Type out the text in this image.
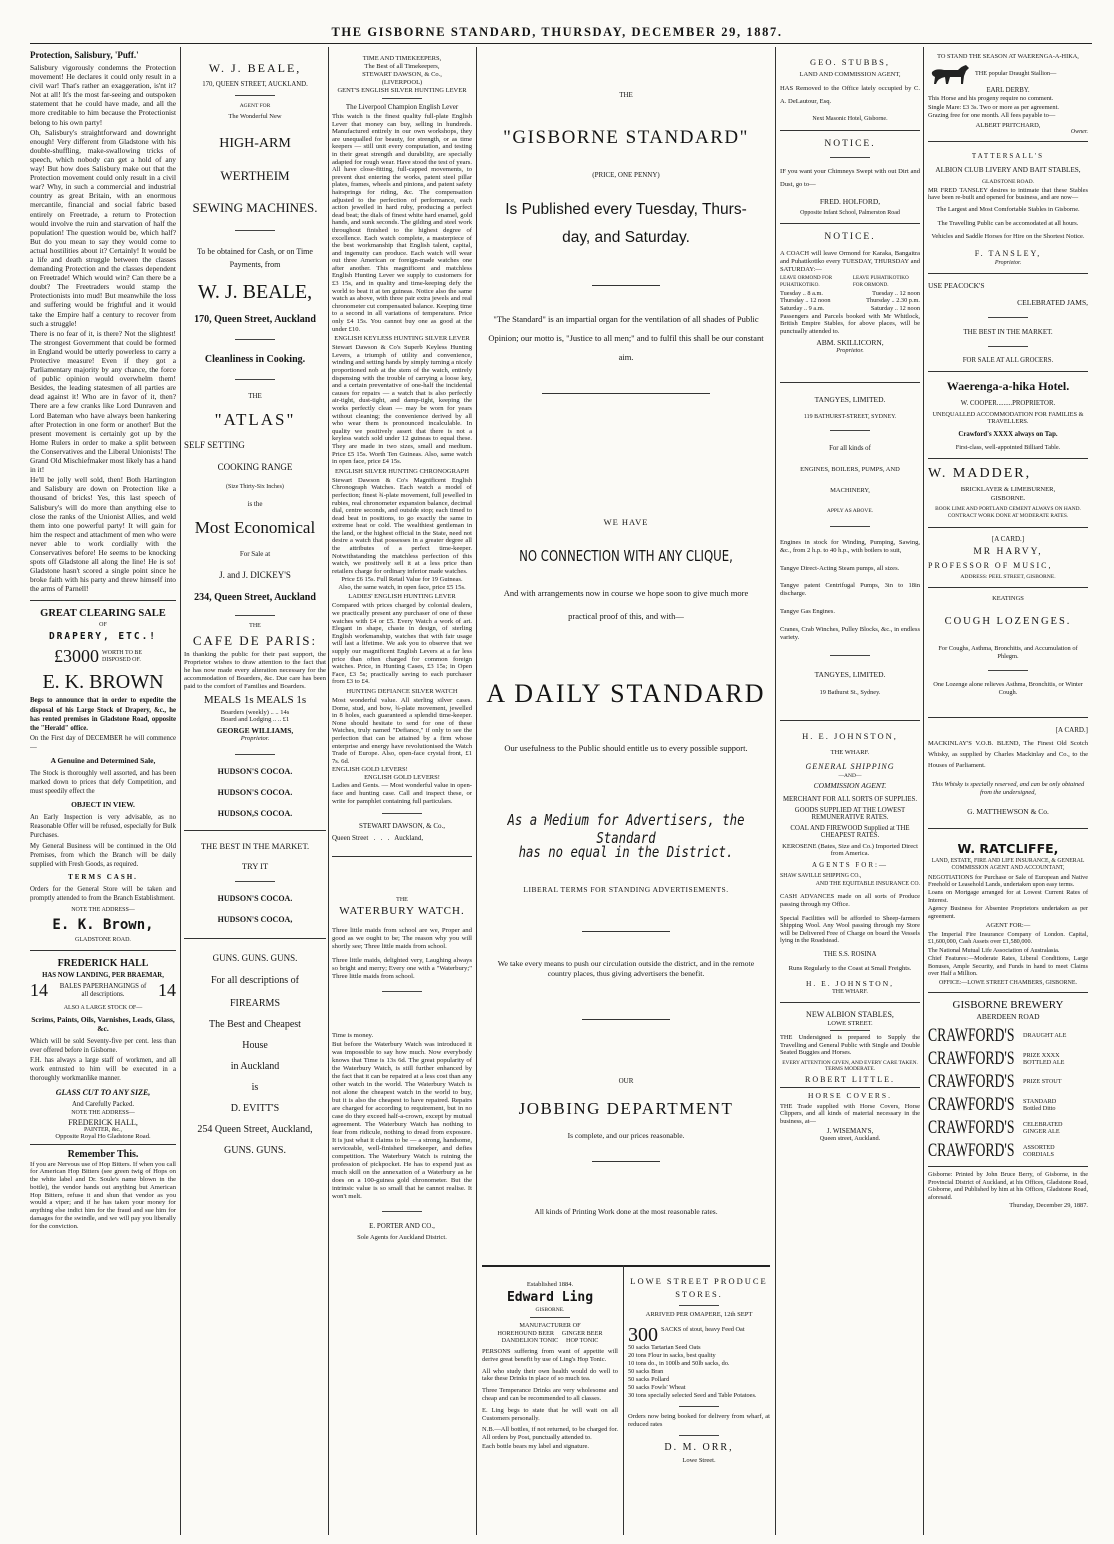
THE GISBORNE STANDARD, THURSDAY, DECEMBER 29, 1887.
Protection, Salisbury, 'Puff.'
Salisbury vigorously condemns the Protection movement! He declares it could only result in a civil war! That's rather an exaggeration, is'nt it? Not at all! It's the most far-seeing and outspoken statement that he could have made, and all the more creditable to him because the Protectionist belong to his own party!
Oh, Salisbury's straightforward and downright enough! Very different from Gladstone with his double-shuffling, make-swallowing tricks of speech, which nobody can get a hold of any way! But how does Salisbury make out that the Protection movement could only result in a civil war? Why, in such a commercial and industrial country as great Britain, with an enormous mercantile, financial and social fabric based entirely on Freetrade, a return to Protection would involve the ruin and starvation of half the population! The question would be, which half? But do you mean to say they would come to actual hostilities about it? Certainly! It would be a life and death struggle between the classes demanding Protection and the classes dependent on Freetrade! Which would win? Can there be a doubt? The Freetraders would stamp the Protectionists into mud! But meanwhile the loss and suffering would be frightful and it would take the Empire half a century to recover from such a struggle!
There is no fear of it, is there? Not the slightest! The strongest Government that could be formed in England would be utterly powerless to carry a Protective measure! Even if they got a Parliamentary majority by any chance, the force of public opinion would overwhelm them! Besides, the leading statesmen of all parties are dead against it! Who are in favor of it, then? There are a few cranks like Lord Dunraven and Lord Bateman who have always been hankering after Protection in one form or another! But the present movement is certainly got up by the Home Rulers in order to make a split between the Conservatives and the Liberal Unionists! The Grand Old Mischiefmaker most likely has a hand in it!
He'll be jolly well sold, then! Both Hartington and Salisbury are down on Protection like a thousand of bricks! Yes, this last speech of Salisbury's will do more than anything else to close the ranks of the Unionist Allies, and weld them into one powerful party! It will gain for him the respect and attachment of men who were never able to work cordially with the Conservatives before! He seems to be knocking spots off Gladstone all along the line! He is so! Gladstone hasn't scored a single point since he broke faith with his party and threw himself into the arms of Parnell!
GREAT CLEARING SALE
OF
DRAPERY, ETC.!
£3000 WORTH TO BE DISPOSED OF.
E. K. BROWN
Begs to announce that in order to expedite the disposal of his Large Stock of Drapery, &c., he has rented premises in Gladstone Road, opposite the "Herald" office.
On the First day of DECEMBER he will commence—
A Genuine and Determined Sale,
The Stock is thoroughly well assorted, and has been marked down to prices that defy Competition, and must speedily effect the
OBJECT IN VIEW.
An Early Inspection is very advisable, as no Reasonable Offer will be refused, especially for Bulk Purchases.
My General Business will be continued in the Old Premises, from which the Branch will be daily supplied with Fresh Goods, as required.
TERMS CASH.
Orders for the General Store will be taken and promptly attended to from the Branch Establishment.
NOTE THE ADDRESS—
E. K. Brown,
GLADSTONE ROAD.
FREDERICK HALL
HAS NOW LANDING, PER BRAEMAR,
14	BALES PAPERHANGINGS of all descriptions.	14
ALSO A LARGE STOCK OF—
Scrims, Paints, Oils, Varnishes, Leads, Glass, &c.
Which will be sold Seventy-five per cent. less than ever offered before in Gisborne.
F.H. has always a large staff of workmen, and all work entrusted to him will be executed in a thoroughly workmanlike manner.
GLASS CUT TO ANY SIZE,
And Carefully Packed.
NOTE THE ADDRESS—
FREDERICK HALL,
PAINTER, &c.,
Opposite Royal Ho Gladstone Road.
Remember This.
If you are Nervous use of Hop Bitters. If when you call for American Hop Bitters (see green twig of Hops on the white label and Dr. Soule's name blown in the bottle), the vendor hands out anything but American Hop Bitters, refuse it and shun that vendor as you would a viper; and if he has taken your money for anything else indict him for the fraud and sue him for damages for the swindle, and we will pay you liberally for the conviction.
W. J. BEALE,
170, QUEEN STREET, AUCKLAND.
AGENT FOR
The Wonderful New
HIGH-ARM
WERTHEIM
SEWING MACHINES.
To be obtained for Cash, or on Time Payments, from
W. J. BEALE,
170, Queen Street, Auckland
Cleanliness in Cooking.
THE
"ATLAS"
SELF SETTING
COOKING RANGE
(Size Thirty-Six Inches)
is the
Most Economical
For Sale at
J. and J. DICKEY'S
234, Queen Street, Auckland
THE
CAFE DE PARIS:
In thanking the public for their past support, the Proprietor wishes to draw attention to the fact that he has now made every alteration necessary for the accommodation of Boarders, &c. Due care has been paid to the comfort of Families and Boarders.
MEALS 1s MEALS 1s
Boarders (weekly) .. .. 14s
Board and Lodging .. .. £1
GEORGE WILLIAMS,
Proprietor.
HUDSON'S COCOA.
HUDSON'S COCOA.
HUDSON,S COCOA.
THE BEST IN THE MARKET.
TRY IT
HUDSON'S COCOA.
HUDSON'S COCOA,
GUNS. GUNS. GUNS.
For all descriptions of
FIREARMS
The Best and Cheapest
House
in Auckland
is
D. EVITT'S
254 Queen Street, Auckland,
GUNS. GUNS.
TIME AND TIMEKEEPERS,
The Best of all Timekeepers,
STEWART DAWSON, & Co.,
(LIVERPOOL)
GENT'S ENGLISH SILVER HUNTING LEVER
The Liverpool Champion English Lever
This watch is the finest quality full-plate English Lever that money can buy, selling in hundreds. Manufactured entirely in our own workshops, they are unequalled for beauty, for strength, or as time keepers — still unit every computation, and testing in their great strength and durability, are specially adapted for rough wear. Have stood the test of years. All have close-fitting, full-capped movements, to prevent dust entering the works, patent steel pillar plates, frames, wheels and pinions, and patent safety hairsprings for riding, &c. The compensation adjusted to the perfection of performance, each action jewelled in hard ruby, producing a perfect dead beat; the dials of finest white hard enamel, gold hands, and sunk seconds. The gilding and steel work throughout finished to the highest degree of excellence. Each watch complete, a masterpiece of the best workmanship that English talent, capital, and ingenuity can produce. Each watch will wear out three American or foreign-made watches one after another. This magnificent and matchless English Hunting Lever we supply to customers for £3 15s, and in quality and time-keeping defy the world to beat it at ten guineas. Notice also the same watch as above, with three pair extra jewels and real chronometer cut compensated balance. Keeping time to a second in all variations of temperature. Price only £4 15s. You cannot buy one as good at the under £10.
ENGLISH KEYLESS HUNTING SILVER LEVER
Stewart Dawson & Co's Superb Keyless Hunting Levers, a triumph of utility and convenience, winding and setting hands by simply turning a nicely proportioned nob at the stem of the watch, entirely dispensing with the trouble of carrying a loose key, and a certain preventative of one-half the incidental causes for repairs — a watch that is also perfectly air-tight, dust-tight, and damp-tight, keeping the works perfectly clean — may be worn for years without cleaning; the convenience derived by all who wear them is pronounced incalculable. In quality we positively assert that there is not a keyless watch sold under 12 guineas to equal these. They are made in two sizes, small and medium. Price £5 15s. Worth Ten Guineas. Also, same watch in open face, price £4 15s.
ENGLISH SILVER HUNTING CHRONOGRAPH
Stewart Dawson & Co's Magnificent English Chronograph Watches. Each watch a model of perfection; finest ¾-plate movement, full jewelled in rubies, real chronometer expansion balance, decimal dial, centre seconds, and outside stop; each timed to dead beat in positions, to go exactly the same in extreme heat or cold. The wealthiest gentleman in the land, or the highest official in the State, need not desire a watch that possesses in a greater degree all the attributes of a perfect time-keeper. Notwithstanding the matchless perfection of this watch, we positively sell it at a less price than retailers charge for ordinary inferior made watches.
Price £6 15s. Full Retail Value for 19 Guineas.
Also, the same watch, in open face, price £5 15s.
LADIES' ENGLISH HUNTING LEVER
Compared with prices charged by colonial dealers, we practically present any purchaser of one of these watches with £4 or £5. Every Watch a work of art. Elegant in shape, chaste in design, of sterling English workmanship, watches that with fair usage will last a lifetime. We ask you to observe that we supply our magnificent English Levers at a far less price than often charged for common foreign watches. Price, in Hunting Cases, £3 15s; in Open Face, £3 5s; practically saving to each purchaser from £3 to £4.
HUNTING DEFIANCE SILVER WATCH
Most wonderful value. All sterling silver cases. Dome, stud, and bow, ¾-plate movement, jewelled in 8 holes, each guaranteed a splendid time-keeper. None should hesitate to send for one of these Watches, truly named "Defiance," if only to see the perfection that can be attained by a firm whose enterprise and energy have revolutionised the Watch Trade of Europe. Also, open-face crystal front, £1 7s. 6d.
ENGLISH GOLD LEVERS!
ENGLISH GOLD LEVERS!
Ladies and Gents. — Most wonderful value in open-face and hunting case. Call and inspect these, or write for pamphlet containing full particulars.
STEWART DAWSON, & Co.,
Queen Street   .   .   .   Auckland,
THE
WATERBURY WATCH.
Three little maids from school are we, Proper and good as we ought to be; The reason why you will shortly see; Three little maids from school.
Three little maids, delighted very, Laughing always so bright and merry; Every one with a "Waterbury;" Three little maids from school.
Time is money.
But before the Waterbury Watch was introduced it was impossible to say how much. Now everybody knows that Time is 13s 6d. The great popularity of the Waterbury Watch, is still further enhanced by the fact that it can be repaired at a less cost than any other watch in the world. The Waterbury Watch is not alone the cheapest watch in the world to buy, but it is also the cheapest to have repaired. Repairs are charged for according to requirement, but in no case do they exceed half-a-crown, except by mutual agreement. The Waterbury Watch has nothing to fear from ridicule, nothing to dread from exposure. It is just what it claims to be — a strong, handsome, serviceable, well-finished timekeeper, and defies competition. The Waterbury Watch is ruining the profession of pickpocket. He has to expend just as much skill on the annexation of a Waterbury as he does on a 100-guinea gold chronometer. But the intrinsic value is so small that he cannot realise. It won't melt.
E. PORTER AND CO.,
Sole Agents for Auckland District.
THE
"GISBORNE STANDARD"
(PRICE, ONE PENNY)
Is Published every Tuesday, Thurs-
day, and Saturday.
"The Standard" is an impartial organ for the ventilation of all shades of Public Opinion; our motto is, "Justice to all men;" and to fulfil this shall be our constant aim.
WE HAVE
NO CONNECTION WITH ANY CLIQUE,
And with arrangements now in course we hope soon to give much more practical proof of this, and with—
A DAILY STANDARD
Our usefulness to the Public should entitle us to every possible support.
As a Medium for Advertisers, the Standard
has no equal in the District.
LIBERAL TERMS FOR STANDING ADVERTISEMENTS.
We take every means to push our circulation outside the district, and in the remote country places, thus giving advertisers the benefit.
OUR
JOBBING DEPARTMENT
Is complete, and our prices reasonable.
All kinds of Printing Work done at the most reasonable rates.
Established 1884.
Edward Ling
GISBORNE.
MANUFACTURER OF
HOREHOUND BEER     GINGER BEER
DANDELION TONIC     HOP TONIC
PERSONS suffering from want of appetite will derive great benefit by use of Ling's Hop Tonic.
All who study their own health would do well to take these Drinks in place of so much tea.
Three Temperance Drinks are very wholesome and cheap and can be recommended to all classes.
E. Ling begs to state that he will wait on all Customers personally.
N.B.—All bottles, if not returned, to be charged for. All orders by Post, punctually attended to.
Each bottle bears my label and signature.
LOWE STREET PRODUCE STORES.
ARRIVED PER OMAPERE, 12th SEPT
300 SACKS of stout, heavy Feed Oat
50 sacks Tartarian Seed Oats
20 tons Flour in sacks, best quality
10 tons do., in 100lb and 50lb sacks, do.
50 sacks Bran
50 sacks Pollard
50 sacks Fowls' Wheat
30 tons specially selected Seed and Table Potatoes.
Orders now being booked for delivery from wharf, at reduced rates
D. M. ORR,
Lowe Street.
GEO. STUBBS,
LAND AND COMMISSION AGENT,
HAS Removed to the Office lately occupied by C. A. DeLautour, Esq.
Next Masonic Hotel, Gisborne.
NOTICE.
IF you want your Chimneys Swept with out Dirt and Dust, go to—
FRED. HOLFORD,
Opposite Infant School, Palmerston Road
NOTICE.
A COACH will leave Ormond for Karaka, Bangaitra and Puhatikotiko every TUESDAY, THURSDAY and SATURDAY:—
LEAVE ORMOND FOR PUHATIKOTIKO.
LEAVE PUHATIKOTIKO FOR ORMOND.
Tuesday .. 8 a.m.	Tuesday .. 12 noon
Thursday .. 12 noon	Thursday .. 2.30 p.m.
Saturday .. 9 a.m.	Saturday .. 12 noon
Passengers and Parcels booked with Mr Whitlock, British Empire Stables, for above places, will be punctually attended to.
ABM. SKILLICORN,
Proprietor.
TANGYES, LIMITED.
119 BATHURST-STREET, SYDNEY.
For all kinds of
ENGINES, BOILERS, PUMPS, AND
MACHINERY,
APPLY AS ABOVE.
Engines in stock for Winding, Pumping, Sawing, &c., from 2 h.p. to 40 h.p., with boilers to suit,
Tangye Direct-Acting Steam pumps, all sizes.
Tangye patent Centrifugal Pumps, 3in to 18in discharge.
Tangye Gas Engines.
Cranes, Crab Winches, Pulley Blocks, &c., in endless variety.
TANGYES, LIMITED.
19 Bathurst St., Sydney.
H. E. JOHNSTON,
THE WHARF.
GENERAL SHIPPING
—AND—
COMMISSION AGENT.
MERCHANT FOR ALL SORTS OF SUPPLIES.
GOODS SUPPLIED AT THE LOWEST REMUNERATIVE RATES.
COAL AND FIREWOOD Supplied at THE CHEAPEST RATES.
KEROSENE (Bates, Size and Co.) Imported Direct from America.
AGENTS FOR:—
SHAW SAVILLE SHIPPING CO.,
AND THE EQUITABLE INSURANCE CO.
CASH ADVANCES made on all sorts of Produce passing through my Office.
Special Facilities will be afforded to Sheep-farmers Shipping Wool. Any Wool passing through my Store will be Delivered Free of Charge on board the Vessels lying in the Roadstead.
THE S.S. ROSINA
Runs Regularly to the Coast at Small Freights.
H. E. JOHNSTON,
THE WHARF.
NEW ALBION STABLES,
LOWE STREET.
THE Undersigned is prepared to Supply the Travelling and General Public with Single and Double Seated Buggies and Horses.
EVERY ATTENTION GIVEN, AND EVERY CARE TAKEN. TERMS MODERATE.
ROBERT LITTLE.
HORSE COVERS.
THE Trade supplied with Horse Covers, Horse Clippers, and all kinds of material necessary in the business, at—
J. WISEMAN'S,
Queen street, Auckland.
TO STAND THE SEASON AT WAERENGA-A-HIKA,
THE popular Draught Stallion—
EARL DERBY.
This Horse and his progeny require no comment.
Single Mare: £3 3s. Two or more as per agreement.
Grazing free for one month. All fees payable to—
ALBERT PRITCHARD,
Owner.
TATTERSALL'S
ALBION CLUB LIVERY AND BAIT STABLES,
GLADSTONE ROAD.
MR FRED TANSLEY desires to intimate that these Stables have been re-built and opened for business, and are now—
The Largest and Most Comfortable Stables in Gisborne.
The Travelling Public can be accomodated at all hours.
Vehicles and Saddle Horses for Hire on the Shortest Notice.
F. TANSLEY,
Proprietor.
USE PEACOCK'S
CELEBRATED JAMS,
THE BEST IN THE MARKET.
FOR SALE AT ALL GROCERS.
Waerenga-a-hika Hotel.
W. COOPER.........PROPRIETOR.
UNEQUALLED ACCOMMODATION FOR FAMILIES & TRAVELLERS.
Crawford's XXXX always on Tap.
First-class, well-appointed Billiard Table.
W. MADDER,
BRICKLAYER & LIMEBURNER,
GISBORNE.
BOOK LIME AND PORTLAND CEMENT ALWAYS ON HAND. CONTRACT WORK DONE AT MODERATE RATES.
[A CARD.]
MR HARVY,
PROFESSOR OF MUSIC,
ADDRESS: PEEL STREET, GISBORNE.
KEATINGS
COUGH LOZENGES.
For Coughs, Asthma, Bronchitis, and Accumulation of Phlegm.
One Lozenge alone relieves Asthma, Bronchitis, or Winter Cough.
[A CARD.]
MACKINLAY'S V.O.B. BLEND, The Finest Old Scotch Whisky, as supplied by Charles Mackinlay and Co., to the Houses of Parliament.
This Whisky is specially reserved, and can be only obtained from the undersigned,
G. MATTHEWSON & Co.
W. RATCLIFFE,
LAND, ESTATE, FIRE AND LIFE INSURANCE, & GENERAL COMMISSION AGENT AND ACCOUNTANT,
NEGOTIATIONS for Purchase or Sale of European and Native Freehold or Leasehold Lands, undertaken upon easy terms.
Loans on Mortgage arranged for at Lowest Current Rates of Interest.
Agency Business for Absentee Proprietors undertaken as per agreement.
AGENT FOR:—
The Imperial Fire Insurance Company of London. Capital, £1,600,000, Cash Assets over £1,580,000.
The National Mutual Life Association of Australasia.
Chief Features:—Moderate Rates, Liberal Conditions, Large Bonuses, Ample Security, and Funds in hand to meet Claims over Half a Million.
OFFICE:—LOWE STREET CHAMBERS, GISBORNE.
GISBORNE BREWERY
ABERDEEN ROAD
CRAWFORD'S DRAUGHT ALE
CRAWFORD'S PRIZE XXXX BOTTLED ALE
CRAWFORD'S PRIZE STOUT
CRAWFORD'S STANDARD Bottled Ditto
CRAWFORD'S CELEBRATED GINGER ALE
CRAWFORD'S ASSORTED CORDIALS
Gisborne: Printed by John Bruce Berry, of Gisborne, in the Provincial District of Auckland, at his Offices, Gladstone Road, Gisborne, and Published by him at his Offices, Gladstone Road, aforesaid.
Thursday, December 29, 1887.
